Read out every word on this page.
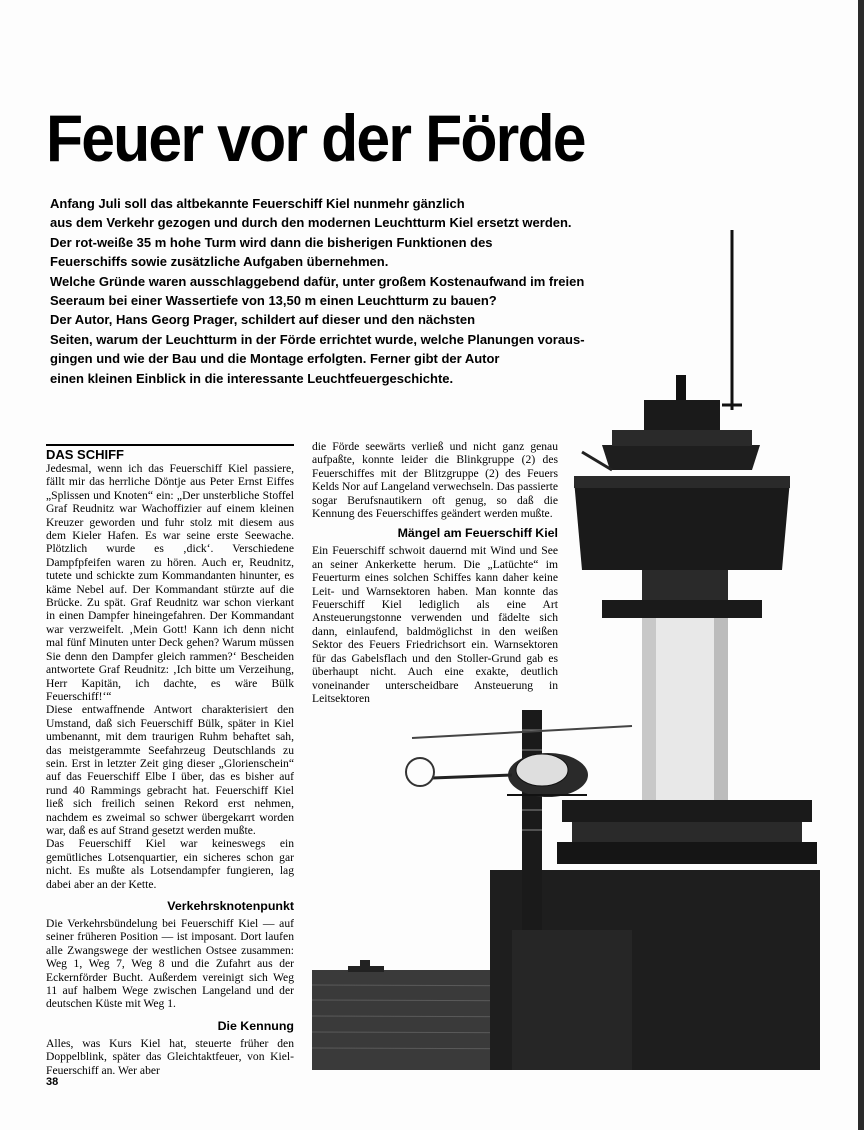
Feuer vor der Förde
Anfang Juli soll das altbekannte Feuerschiff Kiel nunmehr gänzlich
aus dem Verkehr gezogen und durch den modernen Leuchtturm Kiel ersetzt werden.
Der rot-weiße 35 m hohe Turm wird dann die bisherigen Funktionen des
Feuerschiffs sowie zusätzliche Aufgaben übernehmen.
Welche Gründe waren ausschlaggebend dafür, unter großem Kostenaufwand im freien
Seeraum bei einer Wassertiefe von 13,50 m einen Leuchtturm zu bauen?
Der Autor, Hans Georg Prager, schildert auf dieser und den nächsten
Seiten, warum der Leuchtturm in der Förde errichtet wurde, welche Planungen voraus-
gingen und wie der Bau und die Montage erfolgten. Ferner gibt der Autor
einen kleinen Einblick in die interessante Leuchtfeuergeschichte.
DAS SCHIFF

Jedesmal, wenn ich das Feuerschiff Kiel passiere, fällt mir das herrliche Döntje aus Peter Ernst Eiffes „Splissen und Knoten“ ein: „Der unsterbliche Stoffel Graf Reudnitz war Wachoffizier auf einem kleinen Kreuzer geworden und fuhr stolz mit diesem aus dem Kieler Hafen. Es war seine erste Seewache. Plötzlich wurde es ‚dick‘. Verschiedene Dampfpfeifen waren zu hören. Auch er, Reudnitz, tutete und schickte zum Kommandanten hinunter, es käme Nebel auf. Der Kommandant stürzte auf die Brücke. Zu spät. Graf Reudnitz war schon vierkant in einen Dampfer hineingefahren. Der Kommandant war verzweifelt. ‚Mein Gott! Kann ich denn nicht mal fünf Minuten unter Deck gehen? Warum müssen Sie denn den Dampfer gleich rammen?‘ Bescheiden antwortete Graf Reudnitz: ‚Ich bitte um Verzeihung, Herr Kapitän, ich dachte, es wäre Bülk Feuerschiff!‘“

Diese entwaffnende Antwort charakterisiert den Umstand, daß sich Feuerschiff Bülk, später in Kiel umbenannt, mit dem traurigen Ruhm behaftet sah, das meistgerammte Seefahrzeug Deutschlands zu sein. Erst in letzter Zeit ging dieser „Glorienschein“ auf das Feuerschiff Elbe I über, das es bisher auf rund 40 Rammings gebracht hat. Feuerschiff Kiel ließ sich freilich seinen Rekord erst nehmen, nachdem es zweimal so schwer übergekarrt worden war, daß es auf Strand gesetzt werden mußte.

Das Feuerschiff Kiel war keineswegs ein gemütliches Lotsenquartier, ein sicheres schon gar nicht. Es mußte als Lotsendampfer fungieren, lag dabei aber an der Kette.

Verkehrsknotenpunkt

Die Verkehrsbündelung bei Feuerschiff Kiel — auf seiner früheren Position — ist imposant. Dort laufen alle Zwangswege der westlichen Ostsee zusammen: Weg 1, Weg 7, Weg 8 und die Zufahrt aus der Eckernförder Bucht. Außerdem vereinigt sich Weg 11 auf halbem Wege zwischen Langeland und der deutschen Küste mit Weg 1.

Die Kennung

Alles, was Kurs Kiel hat, steuerte früher den Doppelblink, später das Gleichtaktfeuer, von Kiel-Feuerschiff an. Wer aber

die Förde seewärts verließ und nicht ganz genau aufpaßte, konnte leider die Blinkgruppe (2) des Feuerschiffes mit der Blitzgruppe (2) des Feuers Kelds Nor auf Langeland verwechseln. Das passierte sogar Berufsnautikern oft genug, so daß die Kennung des Feuerschiffes geändert werden mußte.

Mängel am Feuerschiff Kiel

Ein Feuerschiff schwoit dauernd mit Wind und See an seiner Ankerkette herum. Die „Latüchte“ im Feuerturm eines solchen Schiffes kann daher keine Leit- und Warnsektoren haben. Man konnte das Feuerschiff Kiel lediglich als eine Art Ansteuerungstonne verwenden und fädelte sich dann, einlaufend, baldmöglichst in den weißen Sektor des Feuers Friedrichsort ein. Warnsektoren für das Gabelsflach und den Stoller-Grund gab es überhaupt nicht. Auch eine exakte, deutlich voneinander unterscheidbare Ansteuerung in Leitsektoren

38
